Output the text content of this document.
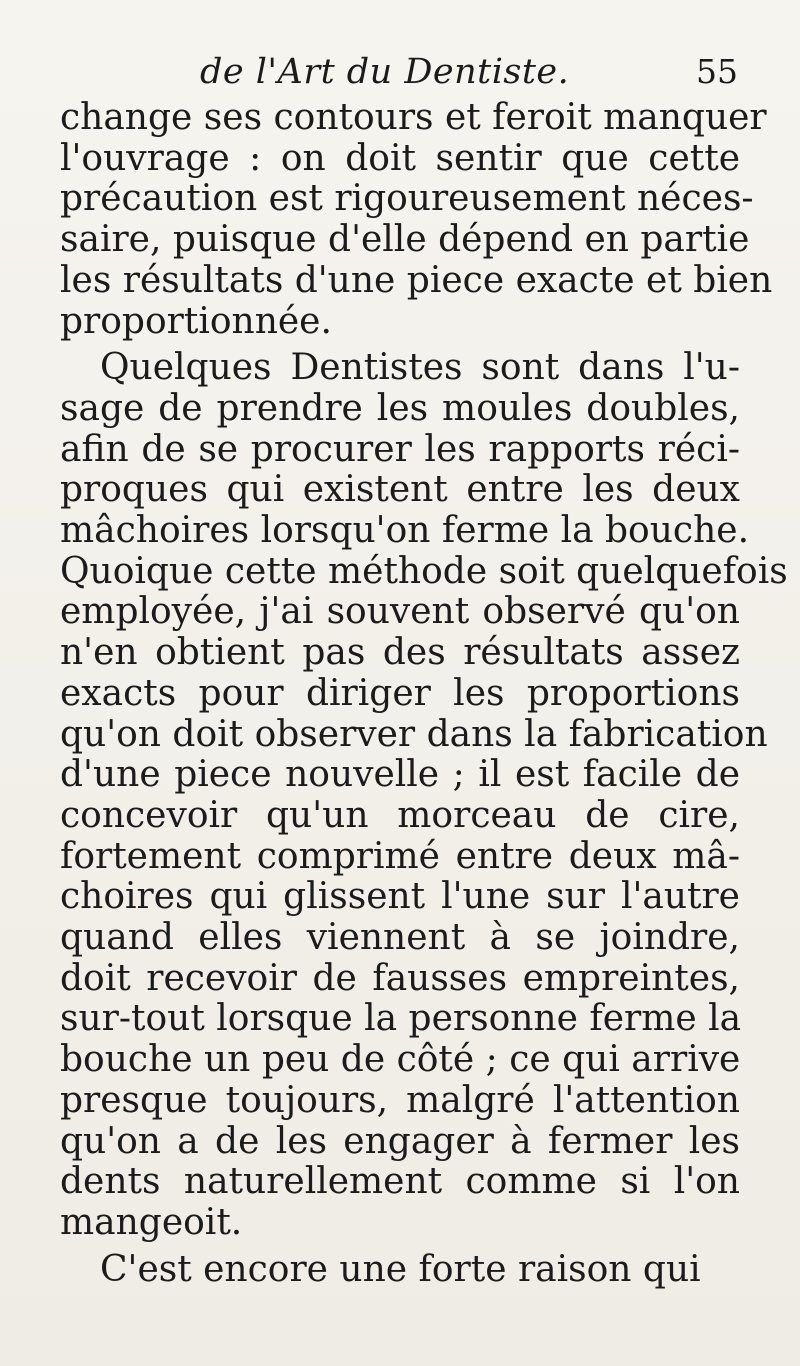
de l'Art du Dentiste.	55
change ses contours et feroit manquer
l'ouvrage : on doit sentir que cette
précaution est rigoureusement néces-
saire, puisque d'elle dépend en partie
les résultats d'une piece exacte et bien
proportionnée.
Quelques Dentistes sont dans l'u-
sage de prendre les moules doubles,
afin de se procurer les rapports réci-
proques qui existent entre les deux
mâchoires lorsqu'on ferme la bouche.
Quoique cette méthode soit quelquefois
employée, j'ai souvent observé qu'on
n'en obtient pas des résultats assez
exacts pour diriger les proportions
qu'on doit observer dans la fabrication
d'une piece nouvelle ; il est facile de
concevoir qu'un morceau de cire,
fortement comprimé entre deux mâ-
choires qui glissent l'une sur l'autre
quand elles viennent à se joindre,
doit recevoir de fausses empreintes,
sur-tout lorsque la personne ferme la
bouche un peu de côté ; ce qui arrive
presque toujours, malgré l'attention
qu'on a de les engager à fermer les
dents naturellement comme si l'on
mangeoit.
C'est encore une forte raison qui
